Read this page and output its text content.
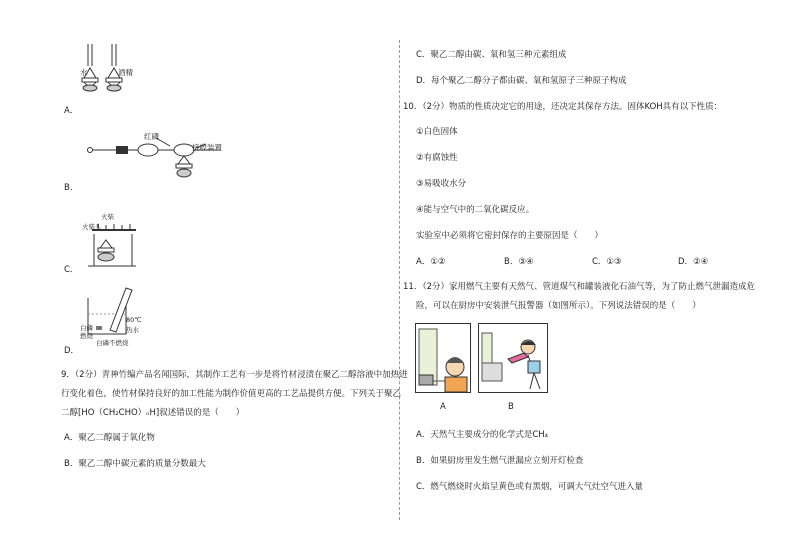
水	酒精
A．
红磷
接收装置
B．
火柴
火柴头
C．
80℃
热水
白磷
燃烧
白磷不燃烧
D．
9．（2分）青神竹编产品名闻国际，其制作工艺有一步是将竹材浸渍在聚乙二醇溶液中加热进
行变化着色，使竹材保持良好的加工性能为制作价值更高的工艺品提供方便。下列关于聚乙
二醇[HO（CH₂CHO）ₙH]叙述错误的是（　　）
A．聚乙二醇属于氧化物
B．聚乙二醇中碳元素的质量分数最大
C．聚乙二醇由碳、氧和氢三种元素组成
D．每个聚乙二醇分子都由碳、氧和氢原子三种原子构成
10．（2分）物质的性质决定它的用途，还决定其保存方法。固体KOH具有以下性质：
①白色固体
②有腐蚀性
③易吸收水分
④能与空气中的二氧化碳反应。
实验室中必须将它密封保存的主要原因是（　　）
A．①②	B．③④	C．①③	D．②④
11．（2分）家用燃气主要有天然气、管道煤气和罐装液化石油气等，为了防止燃气泄漏造成危
险，可以在厨房中安装泄气报警器（如图所示）。下列说法错误的是（　　）
A	B
A．天然气主要成分的化学式是CH₄
B．如果厨房里发生燃气泄漏应立刻开灯检查
C．燃气燃烧时火焰呈黄色或有黑烟，可调大气灶空气进入量
